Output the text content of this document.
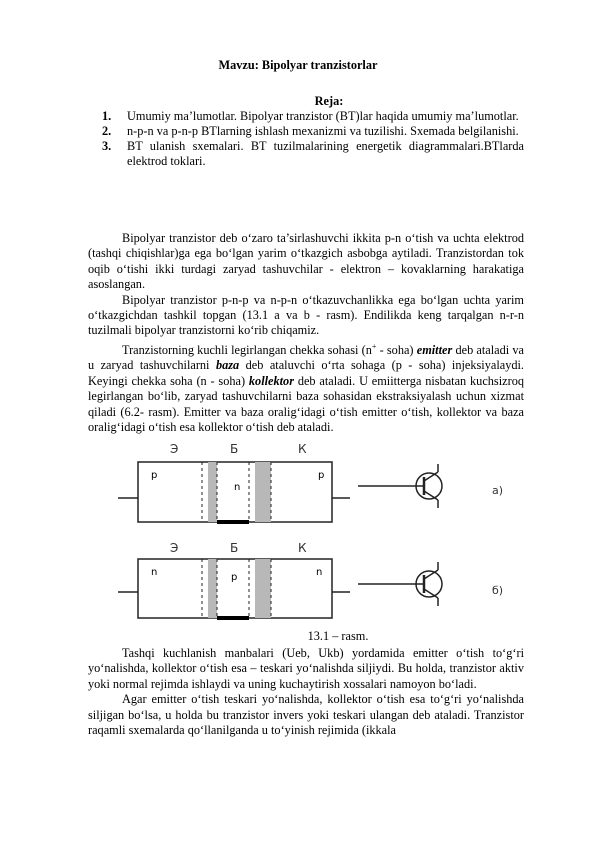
Mavzu: Bipolyar tranzistorlar
Reja:
1. Umumiy ma’lumotlar. Bipolyar tranzistor (BT)lar haqida umumiy ma’lumotlar.
2. n-p-n va p-n-p BTlarning ishlash mexanizmi va tuzilishi. Sxemada belgilanishi.
3. BT ulanish sxemalari. BT tuzilmalarining energetik diagrammalari.BTlarda elektrod toklari.

Bipolyar tranzistor deb o‘zaro ta’sirlashuvchi ikkita p-n o‘tish va uchta elektrod (tashqi chiqishlar)ga ega bo‘lgan yarim o‘tkazgich asbobga aytiladi. Tranzistordan tok oqib o‘tishi ikki turdagi zaryad tashuvchilar - elektron – kovaklarning harakatiga asoslangan.

Bipolyar tranzistor p-n-p va n-p-n o‘tkazuvchanlikka ega bo‘lgan uchta yarim o‘tkazgichdan tashkil topgan (13.1 a va b - rasm). Endilikda keng tarqalgan n-r-n tuzilmali bipolyar tranzistorni ko‘rib chiqamiz.

Tranzistorning kuchli legirlangan chekka sohasi (n+ - soha) emitter deb ataladi va u zaryad tashuvchilarni baza deb ataluvchi o‘rta sohaga (p - soha) injeksiyalaydi. Keyingi chekka soha (n - soha) kollektor deb ataladi. U emiitterga nisbatan kuchsizroq legirlangan bo‘lib, zaryad tashuvchilarni baza sohasidan ekstraksiyalash uchun xizmat qiladi (6.2- rasm). Emitter va baza oralig‘idagi o‘tish emitter o‘tish, kollektor va baza oralig‘idagi o‘tish esa kollektor o‘tish deb ataladi.

Э	Б	К
p
n
p
а)
Э	Б	К
n	p	n
б)
13.1 – rasm.

Tashqi kuchlanish manbalari (Ueb, Ukb) yordamida emitter o‘tish to‘g‘ri yo‘nalishda, kollektor o‘tish esa – teskari yo‘nalishda siljiydi. Bu holda, tranzistor aktiv yoki normal rejimda ishlaydi va uning kuchaytirish xossalari namoyon bo‘ladi.

Agar emitter o‘tish teskari yo‘nalishda, kollektor o‘tish esa to‘g‘ri yo‘nalishda siljigan bo‘lsa, u holda bu tranzistor invers yoki teskari ulangan deb ataladi. Tranzistor raqamli sxemalarda qo‘llanilganda u to‘yinish rejimida (ikkala
